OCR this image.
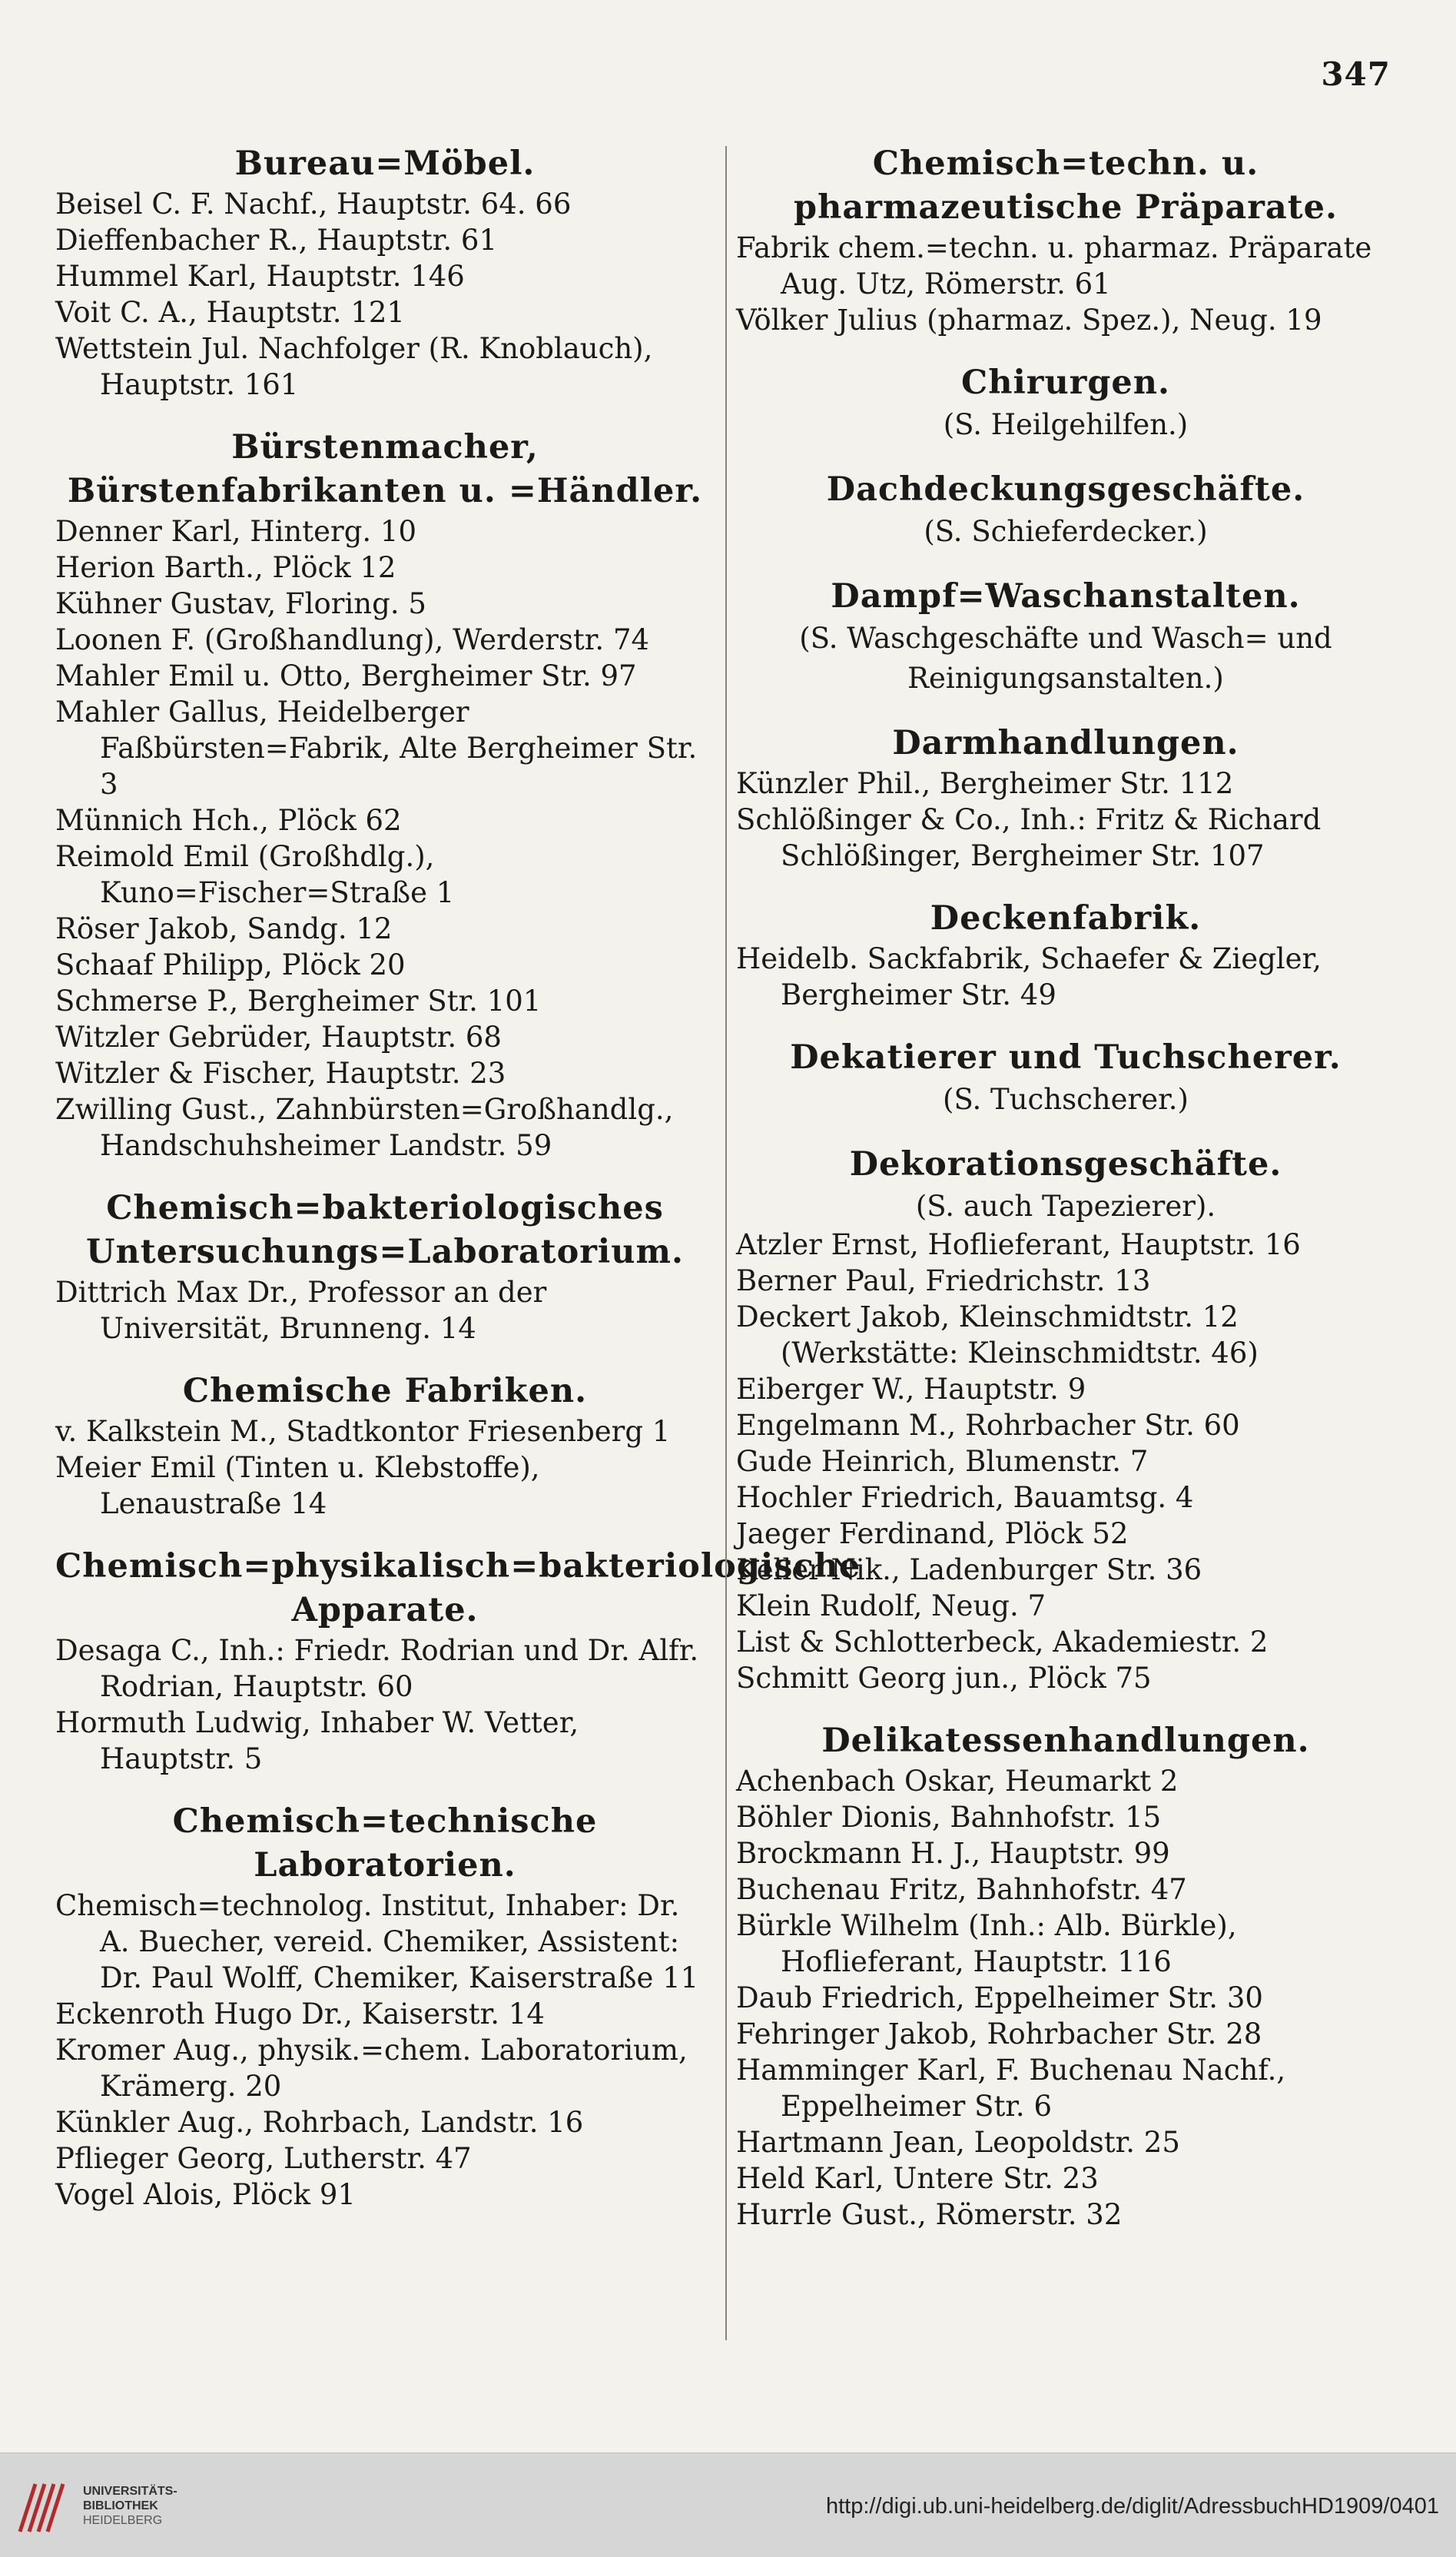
347
Bureau=Möbel.
Beisel C. F. Nachf., Hauptstr. 64. 66
Dieffenbacher R., Hauptstr. 61
Hummel Karl, Hauptstr. 146
Voit C. A., Hauptstr. 121
Wettstein Jul. Nachfolger (R. Knoblauch), Hauptstr. 161
Bürstenmacher, Bürstenfabrikanten u. =Händler.
Denner Karl, Hinterg. 10
Herion Barth., Plöck 12
Kühner Gustav, Floring. 5
Loonen F. (Großhandlung), Werderstr. 74
Mahler Emil u. Otto, Bergheimer Str. 97
Mahler Gallus, Heidelberger Faßbürsten=Fabrik, Alte Bergheimer Str. 3
Münnich Hch., Plöck 62
Reimold Emil (Großhdlg.), Kuno=Fischer=Straße 1
Röser Jakob, Sandg. 12
Schaaf Philipp, Plöck 20
Schmerse P., Bergheimer Str. 101
Witzler Gebrüder, Hauptstr. 68
Witzler & Fischer, Hauptstr. 23
Zwilling Gust., Zahnbürsten=Großhandlg., Handschuhsheimer Landstr. 59
Chemisch=bakteriologisches Untersuchungs=Laboratorium.
Dittrich Max Dr., Professor an der Universität, Brunneng. 14
Chemische Fabriken.
v. Kalkstein M., Stadtkontor Friesenberg 1
Meier Emil (Tinten u. Klebstoffe), Lenaustraße 14
Chemisch=physikalisch=bakteriologische Apparate.
Desaga C., Inh.: Friedr. Rodrian und Dr. Alfr. Rodrian, Hauptstr. 60
Hormuth Ludwig, Inhaber W. Vetter, Hauptstr. 5
Chemisch=technische Laboratorien.
Chemisch=technolog. Institut, Inhaber: Dr. A. Buecher, vereid. Chemiker, Assistent: Dr. Paul Wolff, Chemiker, Kaiserstraße 11
Eckenroth Hugo Dr., Kaiserstr. 14
Kromer Aug., physik.=chem. Laboratorium, Krämerg. 20
Künkler Aug., Rohrbach, Landstr. 16
Pflieger Georg, Lutherstr. 47
Vogel Alois, Plöck 91
Chemisch=techn. u. pharmazeutische Präparate.
Fabrik chem.=techn. u. pharmaz. Präparate Aug. Utz, Römerstr. 61
Völker Julius (pharmaz. Spez.), Neug. 19
Chirurgen.
(S. Heilgehilfen.)
Dachdeckungsgeschäfte.
(S. Schieferdecker.)
Dampf=Waschanstalten.
(S. Waschgeschäfte und Wasch= und Reinigungsanstalten.)
Darmhandlungen.
Künzler Phil., Bergheimer Str. 112
Schlößinger & Co., Inh.: Fritz & Richard Schlößinger, Bergheimer Str. 107
Deckenfabrik.
Heidelb. Sackfabrik, Schaefer & Ziegler, Bergheimer Str. 49
Dekatierer und Tuchscherer.
(S. Tuchscherer.)
Dekorationsgeschäfte.
(S. auch Tapezierer).
Atzler Ernst, Hoflieferant, Hauptstr. 16
Berner Paul, Friedrichstr. 13
Deckert Jakob, Kleinschmidtstr. 12 (Werkstätte: Kleinschmidtstr. 46)
Eiberger W., Hauptstr. 9
Engelmann M., Rohrbacher Str. 60
Gude Heinrich, Blumenstr. 7
Hochler Friedrich, Bauamtsg. 4
Jaeger Ferdinand, Plöck 52
Keller Nik., Ladenburger Str. 36
Klein Rudolf, Neug. 7
List & Schlotterbeck, Akademiestr. 2
Schmitt Georg jun., Plöck 75
Delikatessenhandlungen.
Achenbach Oskar, Heumarkt 2
Böhler Dionis, Bahnhofstr. 15
Brockmann H. J., Hauptstr. 99
Buchenau Fritz, Bahnhofstr. 47
Bürkle Wilhelm (Inh.: Alb. Bürkle), Hoflieferant, Hauptstr. 116
Daub Friedrich, Eppelheimer Str. 30
Fehringer Jakob, Rohrbacher Str. 28
Hamminger Karl, F. Buchenau Nachf., Eppelheimer Str. 6
Hartmann Jean, Leopoldstr. 25
Held Karl, Untere Str. 23
Hurrle Gust., Römerstr. 32
UNIVERSITÄTS-
BIBLIOTHEK
HEIDELBERG
http://digi.ub.uni-heidelberg.de/diglit/AdressbuchHD1909/0401
